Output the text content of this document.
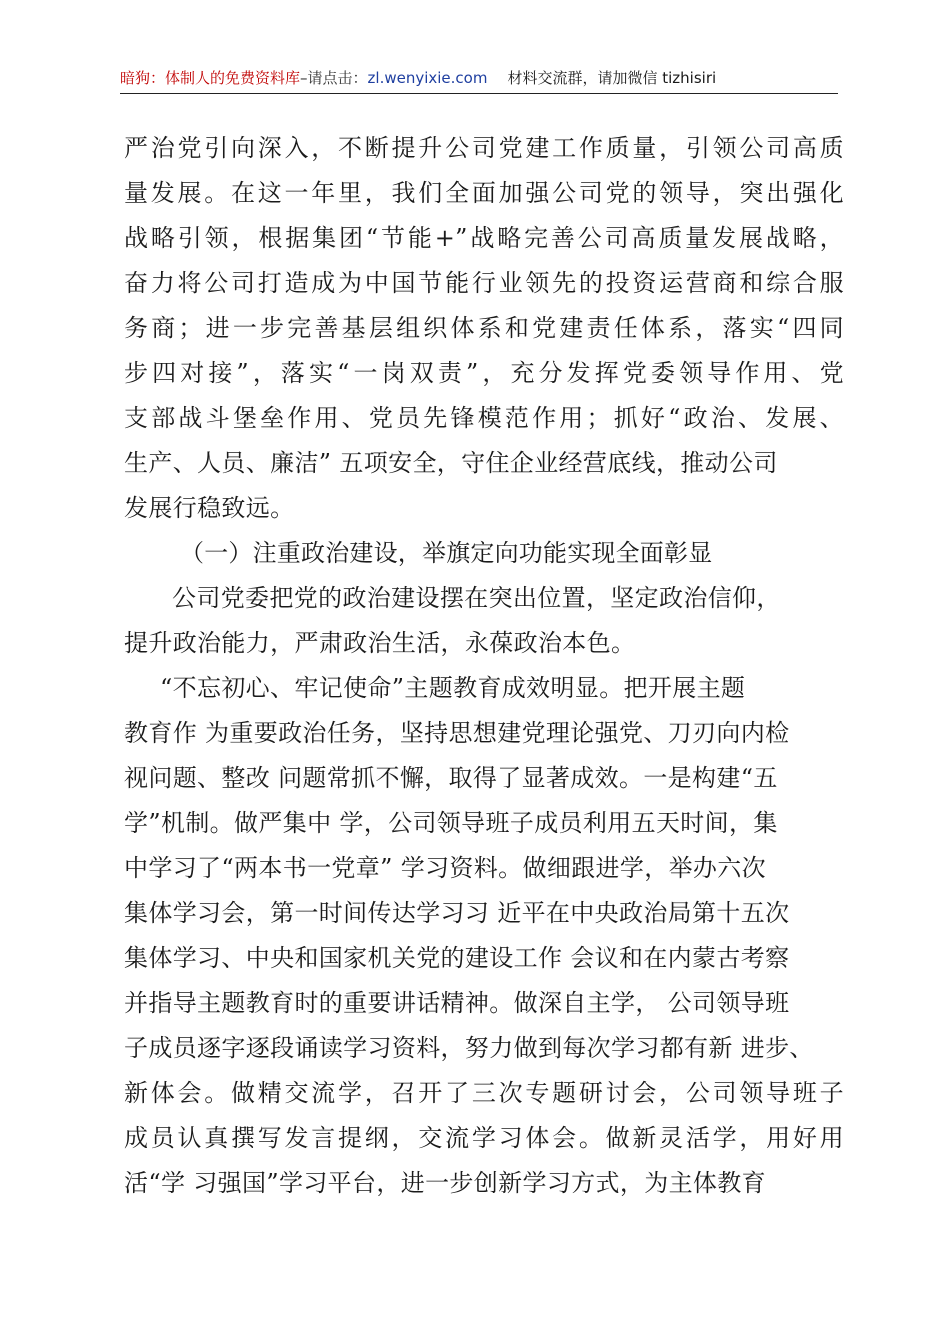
暗狗：体制人的免费资料库–请点击：zl.wenyixie.com 材料交流群，请加微信 tizhisiri
严治党引向深入，不断提升公司党建工作质量，引领公司高质
量发展。在这一年里，我们全面加强公司党的领导，突出强化
战略引领，根据集团“节能+”战略完善公司高质量发展战略，
奋力将公司打造成为中国节能行业领先的投资运营商和综合服
务商；进一步完善基层组织体系和党建责任体系，落实“四同
步四对接”，落实“一岗双责”，充分发挥党委领导作用、党
支部战斗堡垒作用、党员先锋模范作用；抓好“政治、发展、
生产、人员、廉洁” 五项安全，守住企业经营底线，推动公司
发展行稳致远。
（一）注重政治建设，举旗定向功能实现全面彰显
公司党委把党的政治建设摆在突出位置，坚定政治信仰，
提升政治能力，严肃政治生活，永葆政治本色。
“不忘初心、牢记使命”主题教育成效明显。把开展主题
教育作 为重要政治任务，坚持思想建党理论强党、刀刃向内检
视问题、整改 问题常抓不懈，取得了显著成效。一是构建“五
学”机制。做严集中 学，公司领导班子成员利用五天时间，集
中学习了“两本书一党章” 学习资料。做细跟进学，举办六次
集体学习会，第一时间传达学习习 近平在中央政治局第十五次
集体学习、中央和国家机关党的建设工作 会议和在内蒙古考察
并指导主题教育时的重要讲话精神。做深自主学， 公司领导班
子成员逐字逐段诵读学习资料，努力做到每次学习都有新 进步、
新体会。做精交流学，召开了三次专题研讨会，公司领导班子
成员认真撰写发言提纲，交流学习体会。做新灵活学，用好用
活“学 习强国”学习平台，进一步创新学习方式，为主体教育
